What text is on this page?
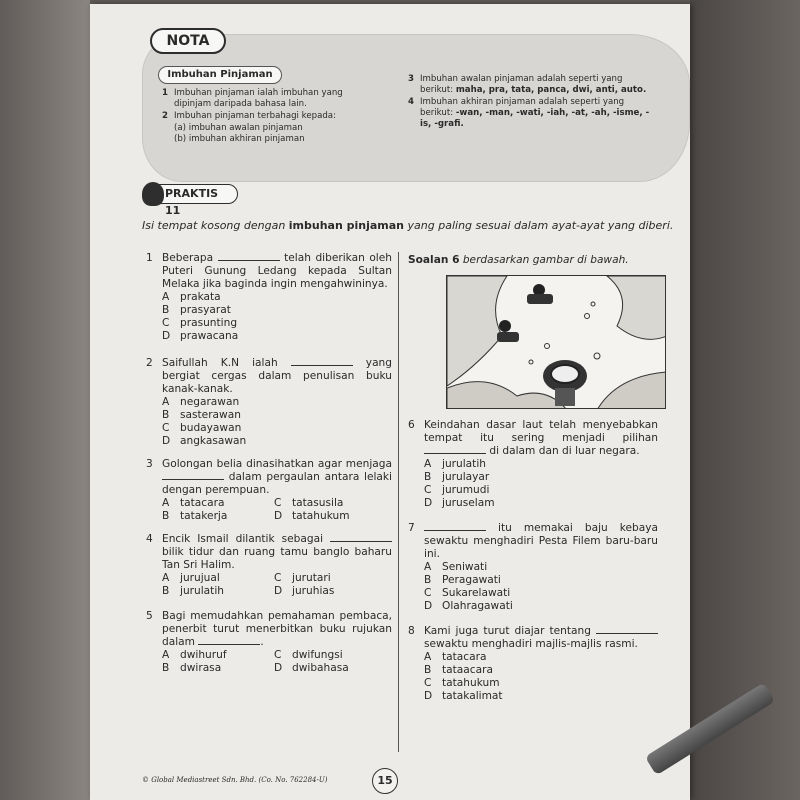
NOTA
Imbuhan Pinjaman
1 Imbuhan pinjaman ialah imbuhan yang dipinjam daripada bahasa lain.
2 Imbuhan pinjaman terbahagi kepada:
(a) imbuhan awalan pinjaman
(b) imbuhan akhiran pinjaman
3 Imbuhan awalan pinjaman adalah seperti yang berikut: maha, pra, tata, panca, dwi, anti, auto.
4 Imbuhan akhiran pinjaman adalah seperti yang berikut: -wan, -man, -wati, -iah, -at, -ah, -isme, -is, -grafi.
PRAKTIS 11
Isi tempat kosong dengan imbuhan pinjaman yang paling sesuai dalam ayat-ayat yang diberi.
1 Beberapa	telah diberikan oleh Puteri Gunung Ledang kepada Sultan Melaka jika baginda ingin mengahwininya.
A prakata
B prasyarat
C prasunting
D prawacana
2 Saifullah K.N ialah	yang bergiat cergas dalam penulisan buku kanak-kanak.
A negarawan
B sasterawan
C budayawan
D angkasawan
3 Golongan belia dinasihatkan agar menjaga  dalam pergaulan antara lelaki dengan perempuan.
A tatacara	C tatasusila
B tatakerja	D tatahukum
4 Encik Ismail dilantik sebagai  bilik tidur dan ruang tamu banglo baharu Tan Sri Halim.
A jurujual	C jurutari
B jurulatih	D juruhias
5 Bagi memudahkan pemahaman pembaca, penerbit turut menerbitkan buku rujukan dalam	.
A dwihuruf	C dwifungsi
B dwirasa	D dwibahasa
Soalan 6 berdasarkan gambar di bawah.
6 Keindahan dasar laut telah menyebabkan tempat itu sering menjadi pilihan  di dalam dan di luar negara.
A jurulatih
B jurulayar
C jurumudi
D juruselam
7	itu memakai baju kebaya sewaktu menghadiri Pesta Filem baru-baru ini.
A Seniwati
B Peragawati
C Sukarelawati
D Olahragawati
8 Kami juga turut diajar tentang  sewaktu menghadiri majlis-majlis rasmi.
A tatacara
B tataacara
C tatahukum
D tatakalimat
© Global Mediastreet Sdn. Bhd. (Co. No. 762284-U)	15
